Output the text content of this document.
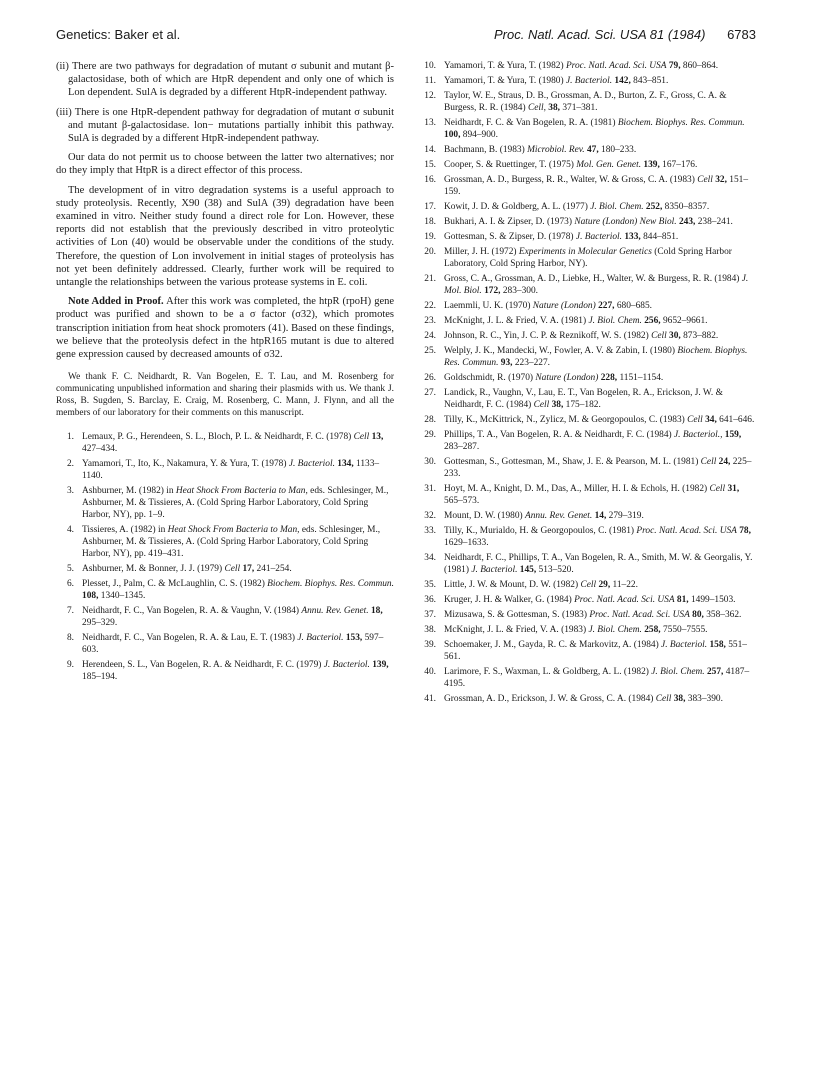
Genetics: Baker et al.	Proc. Natl. Acad. Sci. USA 81 (1984) 6783

(ii) There are two pathways for degradation of mutant σ subunit and mutant β-galactosidase, both of which are HtpR dependent and only one of which is Lon dependent. SulA is degraded by a different HtpR-independent pathway.

(iii) There is one HtpR-dependent pathway for degradation of mutant σ subunit and mutant β-galactosidase. lon− mutations partially inhibit this pathway. SulA is degraded by a different HtpR-independent pathway.

Our data do not permit us to choose between the latter two alternatives; nor do they imply that HtpR is a direct effector of this process.

The development of in vitro degradation systems is a useful approach to study proteolysis. Recently, X90 (38) and SulA (39) degradation have been examined in vitro. Neither study found a direct role for Lon. However, these reports did not establish that the previously described in vitro proteolytic activities of Lon (40) would be observable under the conditions of the study. Therefore, the question of Lon involvement in initial stages of proteolysis has not yet been definitely addressed. Clearly, further work will be required to untangle the relationships between the various protease systems in E. coli.

Note Added in Proof. After this work was completed, the htpR (rpoH) gene product was purified and shown to be a σ factor (σ32), which promotes transcription initiation from heat shock promoters (41). Based on these findings, we believe that the proteolysis defect in the htpR165 mutant is due to altered gene expression caused by decreased amounts of σ32.

We thank F. C. Neidhardt, R. Van Bogelen, E. T. Lau, and M. Rosenberg for communicating unpublished information and sharing their plasmids with us. We thank J. Ross, B. Sugden, S. Barclay, E. Craig, M. Rosenberg, C. Mann, J. Flynn, and all the members of our laboratory for their comments on this manuscript.

1. Lemaux, P. G., Herendeen, S. L., Bloch, P. L. & Neidhardt, F. C. (1978) Cell 13, 427–434.
2. Yamamori, T., Ito, K., Nakamura, Y. & Yura, T. (1978) J. Bacteriol. 134, 1133–1140.
3. Ashburner, M. (1982) in Heat Shock From Bacteria to Man, eds. Schlesinger, M., Ashburner, M. & Tissieres, A. (Cold Spring Harbor Laboratory, Cold Spring Harbor, NY), pp. 1–9.
4. Tissieres, A. (1982) in Heat Shock From Bacteria to Man, eds. Schlesinger, M., Ashburner, M. & Tissieres, A. (Cold Spring Harbor Laboratory, Cold Spring Harbor, NY), pp. 419–431.
5. Ashburner, M. & Bonner, J. J. (1979) Cell 17, 241–254.
6. Plesset, J., Palm, C. & McLaughlin, C. S. (1982) Biochem. Biophys. Res. Commun. 108, 1340–1345.
7. Neidhardt, F. C., Van Bogelen, R. A. & Vaughn, V. (1984) Annu. Rev. Genet. 18, 295–329.
8. Neidhardt, F. C., Van Bogelen, R. A. & Lau, E. T. (1983) J. Bacteriol. 153, 597–603.
9. Herendeen, S. L., Van Bogelen, R. A. & Neidhardt, F. C. (1979) J. Bacteriol. 139, 185–194.
10. Yamamori, T. & Yura, T. (1982) Proc. Natl. Acad. Sci. USA 79, 860–864.
11. Yamamori, T. & Yura, T. (1980) J. Bacteriol. 142, 843–851.
12. Taylor, W. E., Straus, D. B., Grossman, A. D., Burton, Z. F., Gross, C. A. & Burgess, R. R. (1984) Cell, 38, 371–381.
13. Neidhardt, F. C. & Van Bogelen, R. A. (1981) Biochem. Biophys. Res. Commun. 100, 894–900.
14. Bachmann, B. (1983) Microbiol. Rev. 47, 180–233.
15. Cooper, S. & Ruettinger, T. (1975) Mol. Gen. Genet. 139, 167–176.
16. Grossman, A. D., Burgess, R. R., Walter, W. & Gross, C. A. (1983) Cell 32, 151–159.
17. Kowit, J. D. & Goldberg, A. L. (1977) J. Biol. Chem. 252, 8350–8357.
18. Bukhari, A. I. & Zipser, D. (1973) Nature (London) New Biol. 243, 238–241.
19. Gottesman, S. & Zipser, D. (1978) J. Bacteriol. 133, 844–851.
20. Miller, J. H. (1972) Experiments in Molecular Genetics (Cold Spring Harbor Laboratory, Cold Spring Harbor, NY).
21. Gross, C. A., Grossman, A. D., Liebke, H., Walter, W. & Burgess, R. R. (1984) J. Mol. Biol. 172, 283–300.
22. Laemmli, U. K. (1970) Nature (London) 227, 680–685.
23. McKnight, J. L. & Fried, V. A. (1981) J. Biol. Chem. 256, 9652–9661.
24. Johnson, R. C., Yin, J. C. P. & Reznikoff, W. S. (1982) Cell 30, 873–882.
25. Welply, J. K., Mandecki, W., Fowler, A. V. & Zabin, I. (1980) Biochem. Biophys. Res. Commun. 93, 223–227.
26. Goldschmidt, R. (1970) Nature (London) 228, 1151–1154.
27. Landick, R., Vaughn, V., Lau, E. T., Van Bogelen, R. A., Erickson, J. W. & Neidhardt, F. C. (1984) Cell 38, 175–182.
28. Tilly, K., McKittrick, N., Zylicz, M. & Georgopoulos, C. (1983) Cell 34, 641–646.
29. Phillips, T. A., Van Bogelen, R. A. & Neidhardt, F. C. (1984) J. Bacteriol., 159, 283–287.
30. Gottesman, S., Gottesman, M., Shaw, J. E. & Pearson, M. L. (1981) Cell 24, 225–233.
31. Hoyt, M. A., Knight, D. M., Das, A., Miller, H. I. & Echols, H. (1982) Cell 31, 565–573.
32. Mount, D. W. (1980) Annu. Rev. Genet. 14, 279–319.
33. Tilly, K., Murialdo, H. & Georgopoulos, C. (1981) Proc. Natl. Acad. Sci. USA 78, 1629–1633.
34. Neidhardt, F. C., Phillips, T. A., Van Bogelen, R. A., Smith, M. W. & Georgalis, Y. (1981) J. Bacteriol. 145, 513–520.
35. Little, J. W. & Mount, D. W. (1982) Cell 29, 11–22.
36. Kruger, J. H. & Walker, G. (1984) Proc. Natl. Acad. Sci. USA 81, 1499–1503.
37. Mizusawa, S. & Gottesman, S. (1983) Proc. Natl. Acad. Sci. USA 80, 358–362.
38. McKnight, J. L. & Fried, V. A. (1983) J. Biol. Chem. 258, 7550–7555.
39. Schoemaker, J. M., Gayda, R. C. & Markovitz, A. (1984) J. Bacteriol. 158, 551–561.
40. Larimore, F. S., Waxman, L. & Goldberg, A. L. (1982) J. Biol. Chem. 257, 4187–4195.
41. Grossman, A. D., Erickson, J. W. & Gross, C. A. (1984) Cell 38, 383–390.
